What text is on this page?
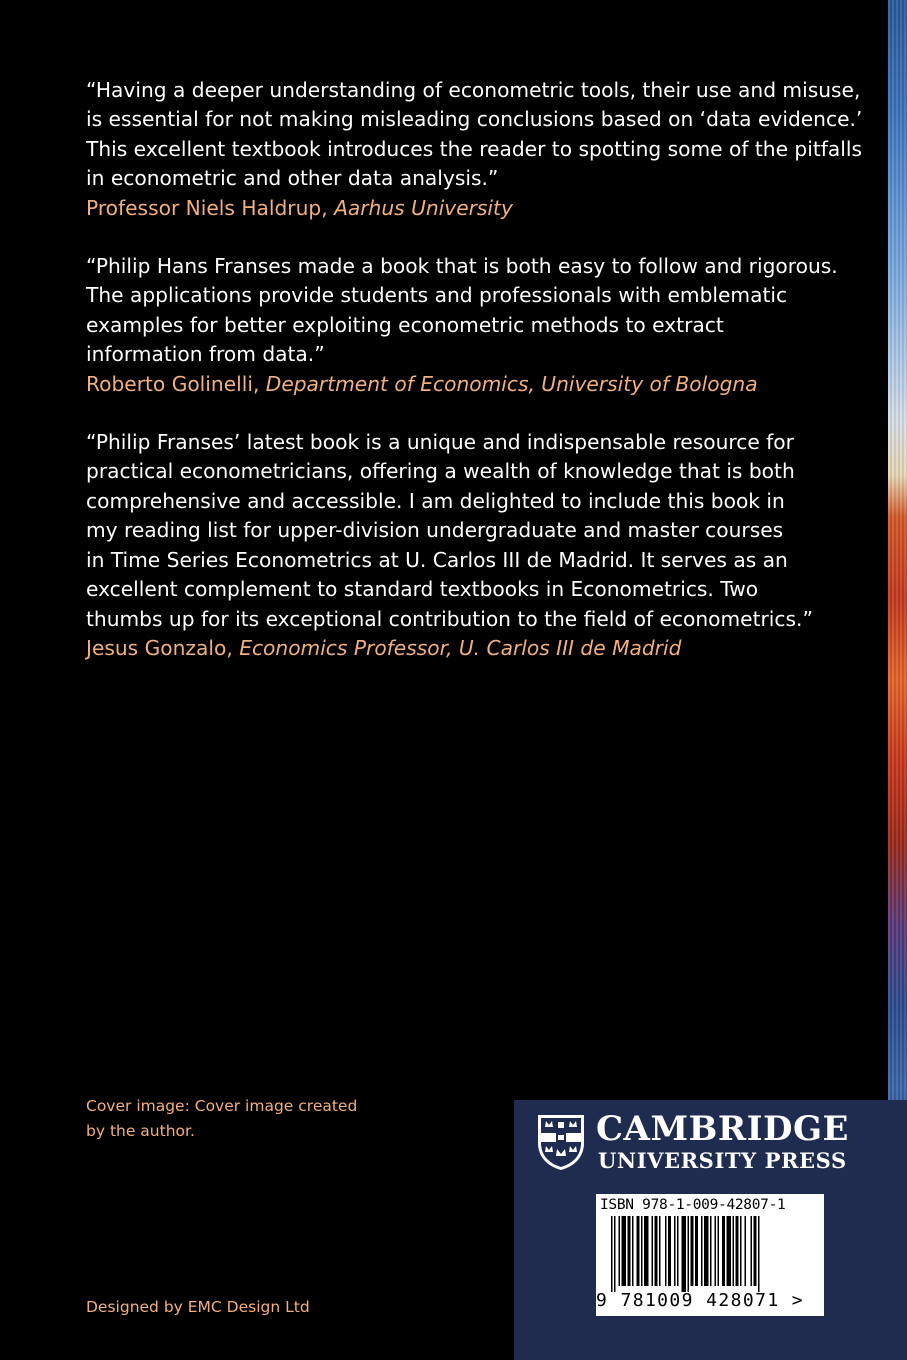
“Having a deeper understanding of econometric tools, their use and misuse,
is essential for not making misleading conclusions based on ‘data evidence.’
This excellent textbook introduces the reader to spotting some of the pitfalls
in econometric and other data analysis.”

Professor Niels Haldrup, Aarhus University

“Philip Hans Franses made a book that is both easy to follow and rigorous.
The applications provide students and professionals with emblematic
examples for better exploiting econometric methods to extract
information from data.”

Roberto Golinelli, Department of Economics, University of Bologna

“Philip Franses’ latest book is a unique and indispensable resource for
practical econometricians, offering a wealth of knowledge that is both
comprehensive and accessible. I am delighted to include this book in
my reading list for upper-division undergraduate and master courses
in Time Series Econometrics at U. Carlos III de Madrid. It serves as an
excellent complement to standard textbooks in Econometrics. Two
thumbs up for its exceptional contribution to the field of econometrics.”

Jesus Gonzalo, Economics Professor, U. Carlos III de Madrid

Cover image: Cover image created
by the author.

Designed by EMC Design Ltd

CAMBRIDGE

UNIVERSITY PRESS

ISBN 978-1-009-42807-1

9 781009 428071 >
